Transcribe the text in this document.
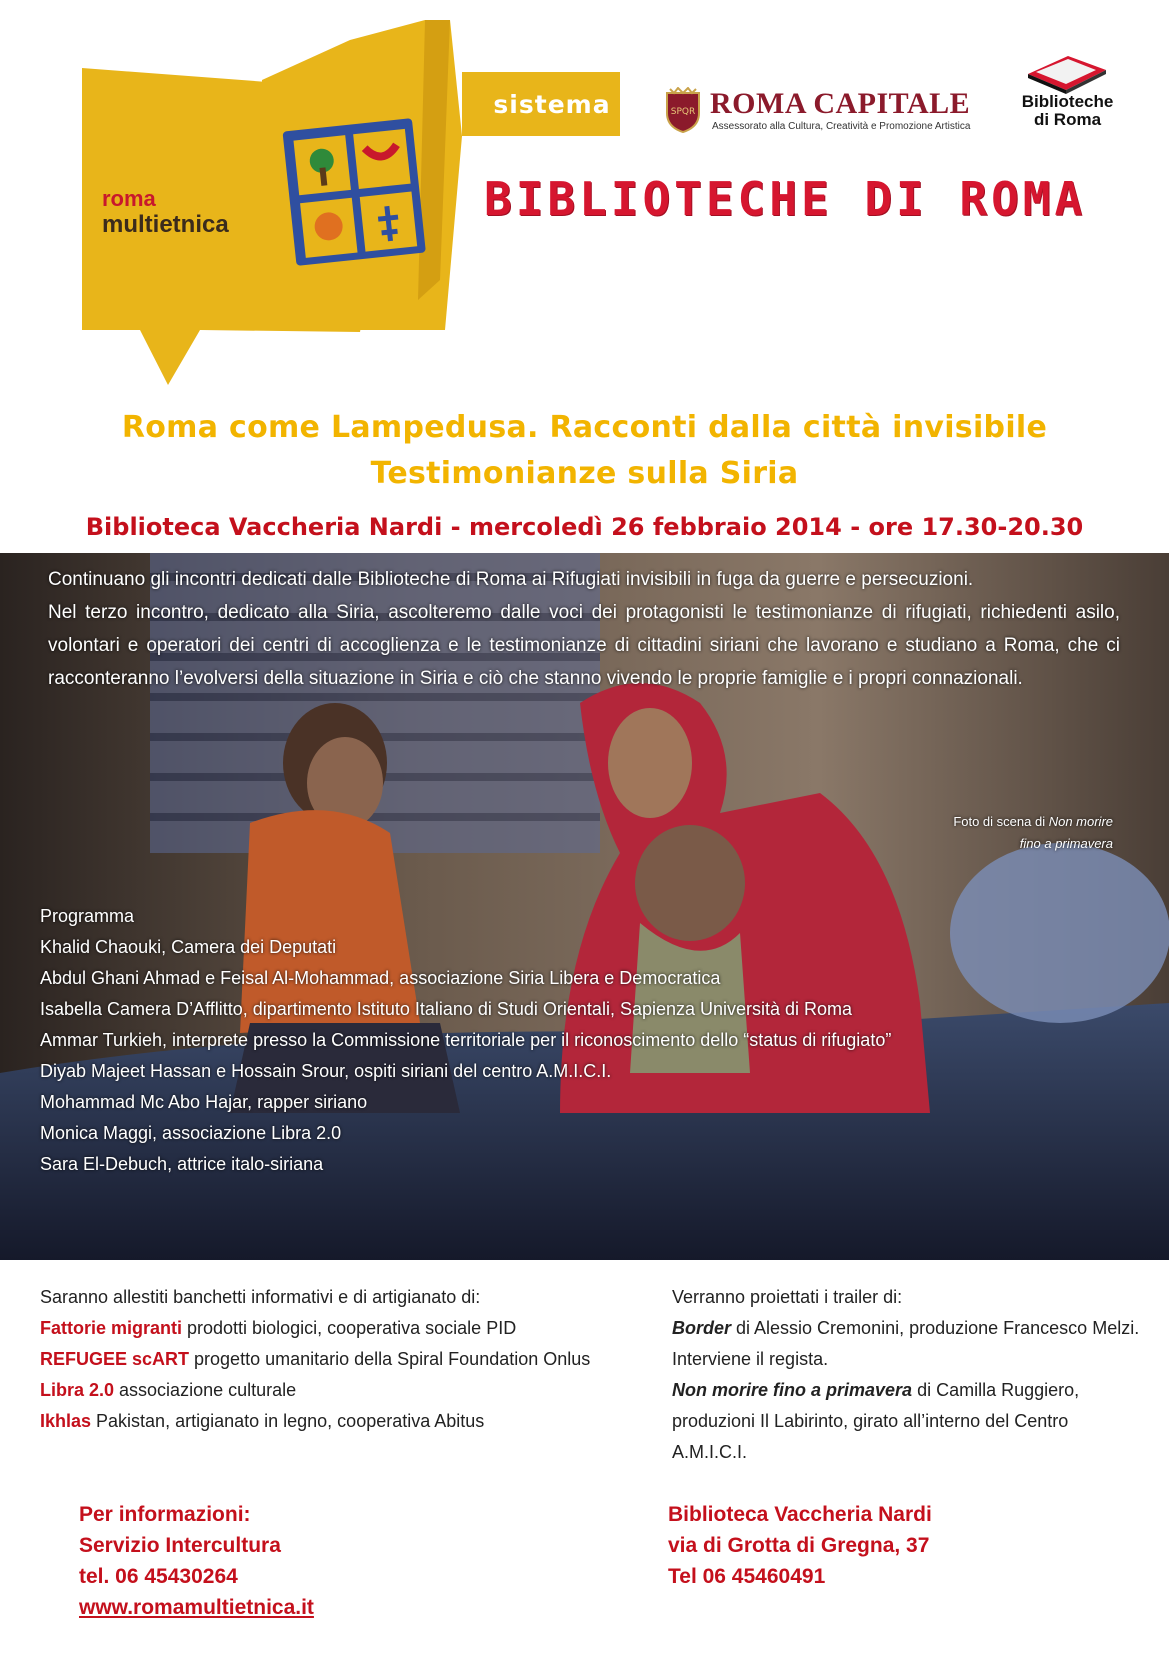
sistema
roma
multietnica
SPQR ROMA CAPITALE
Assessorato alla Cultura, Creatività e Promozione Artistica
Biblioteche
di Roma
BIBLIOTECHE DI ROMA
Roma come Lampedusa. Racconti dalla città invisibile
Testimonianze sulla Siria
Biblioteca Vaccheria Nardi - mercoledì 26 febbraio 2014 - ore 17.30-20.30

Continuano gli incontri dedicati dalle Biblioteche di Roma ai Rifugiati invisibili in fuga da guerre e persecuzioni.

Nel terzo incontro, dedicato alla Siria, ascolteremo dalle voci dei protagonisti le testimonianze di rifugiati, richiedenti asilo, volontari e operatori dei centri di accoglienza e le testimonianze di cittadini siriani che lavorano e studiano a Roma, che ci racconteranno l’evolversi della situazione in Siria e ciò che stanno vivendo le proprie famiglie e i propri connazionali.

Foto di scena di Non morire
fino a primavera
Programma
Khalid Chaouki, Camera dei Deputati
Abdul Ghani Ahmad e Feisal Al-Mohammad, associazione Siria Libera e Democratica
Isabella Camera D’Afflitto, dipartimento Istituto Italiano di Studi Orientali, Sapienza Università di Roma
Ammar Turkieh, interprete presso la Commissione territoriale per il riconoscimento dello “status di rifugiato”
Diyab Majeet Hassan e Hossain Srour, ospiti siriani del centro A.M.I.C.I.
Mohammad Mc Abo Hajar, rapper siriano
Monica Maggi, associazione Libra 2.0
Sara El-Debuch, attrice italo-siriana
Saranno allestiti banchetti informativi e di artigianato di:
Fattorie migranti prodotti biologici, cooperativa sociale PID
REFUGEE scART progetto umanitario della Spiral Foundation Onlus
Libra 2.0 associazione culturale
Ikhlas Pakistan, artigianato in legno, cooperativa Abitus
Verranno proiettati i trailer di:
Border di Alessio Cremonini, produzione Francesco Melzi. Interviene il regista.
Non morire fino a primavera di Camilla Ruggiero, produzioni Il Labirinto, girato all’interno del Centro A.M.I.C.I.
Per informazioni:
Servizio Intercultura
tel. 06 45430264
www.romamultietnica.it
Biblioteca Vaccheria Nardi
via di Grotta di Gregna, 37
Tel 06 45460491
